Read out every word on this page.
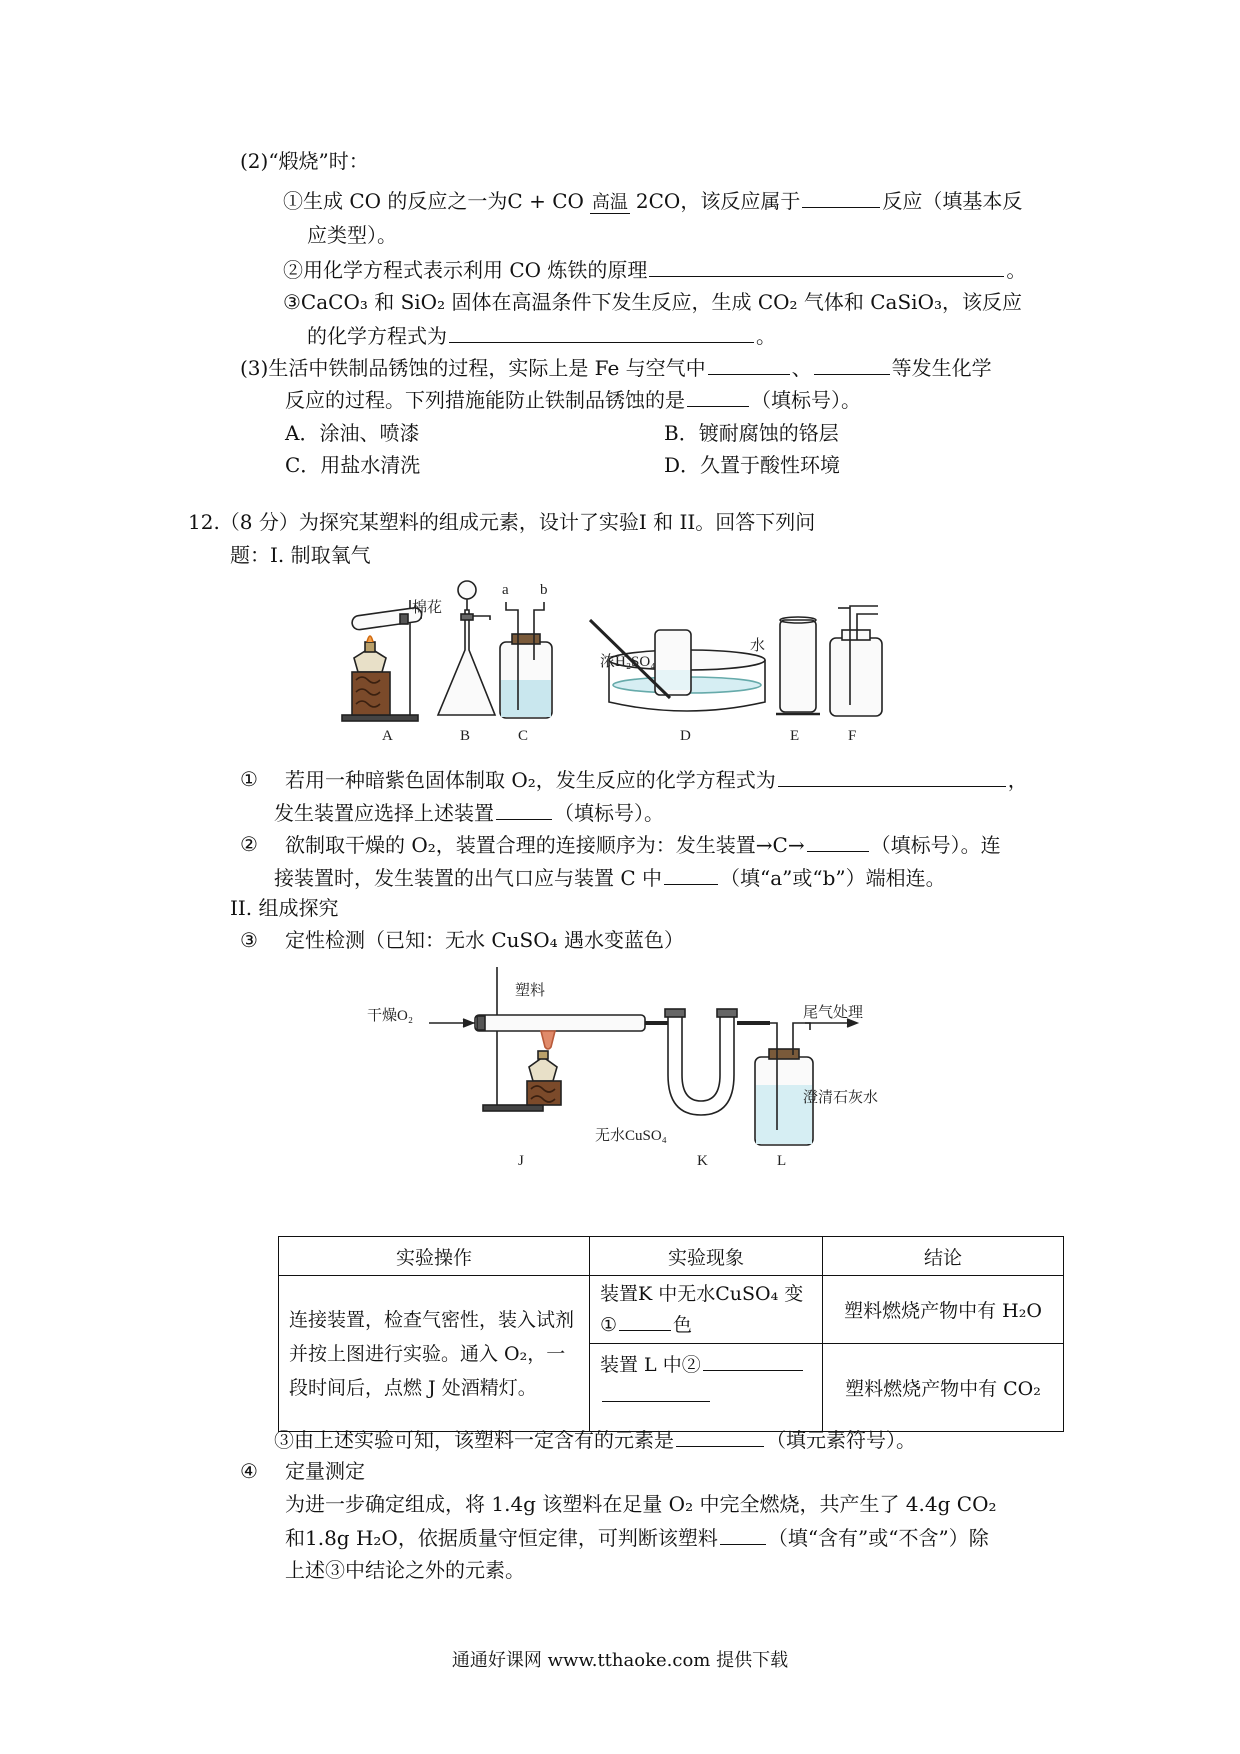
(2)“煅烧”时：
①生成 CO 的反应之一为C + CO 高温 2CO，该反应属于	反应（填基本反
应类型）。
②用化学方程式表示利用 CO 炼铁的原理	。
③CaCO₃ 和 SiO₂ 固体在高温条件下发生反应，生成 CO₂ 气体和 CaSiO₃，该反应
的化学方程式为	。
(3)生活中铁制品锈蚀的过程，实际上是 Fe 与空气中	、	等发生化学
反应的过程。下列措施能防止铁制品锈蚀的是	（填标号）。
A．涂油、喷漆	B．镀耐腐蚀的铬层
C．用盐水清洗	D．久置于酸性环境
12.（8 分）为探究某塑料的组成元素，设计了实验I 和 II。回答下列问
题：I. 制取氧气
棉花
a b
浓H₂SO₄
水
A	B	C	D	E	F
① 若用一种暗紫色固体制取 O₂，发生反应的化学方程式为	，
发生装置应选择上述装置	（填标号）。
② 欲制取干燥的 O₂，装置合理的连接顺序为：发生装置→C→	（填标号）。连
接装置时，发生装置的出气口应与装置 C 中	（填“a”或“b”）端相连。
II. 组成探究
③ 定性检测（已知：无水 CuSO₄ 遇水变蓝色）
塑料
干燥O₂	尾气处理
无水CuSO₄
澄清石灰水
J	K	L
实验操作	实验现象	结论
连接装置，检查气密性，装入试剂并按上图进行实验。通入 O₂，一段时间后，点燃 J 处酒精灯。	装置K 中无水CuSO₄ 变
① 色	塑料燃烧产物中有 H₂O
	装置 L 中②	塑料燃烧产物中有 CO₂
③由上述实验可知，该塑料一定含有的元素是	（填元素符号）。
④ 定量测定
为进一步确定组成，将 1.4g 该塑料在足量 O₂ 中完全燃烧，共产生了 4.4g CO₂
和1.8g H₂O，依据质量守恒定律，可判断该塑料	（填“含有”或“不含”）除
上述③中结论之外的元素。
通通好课网 www.tthaoke.com 提供下载
